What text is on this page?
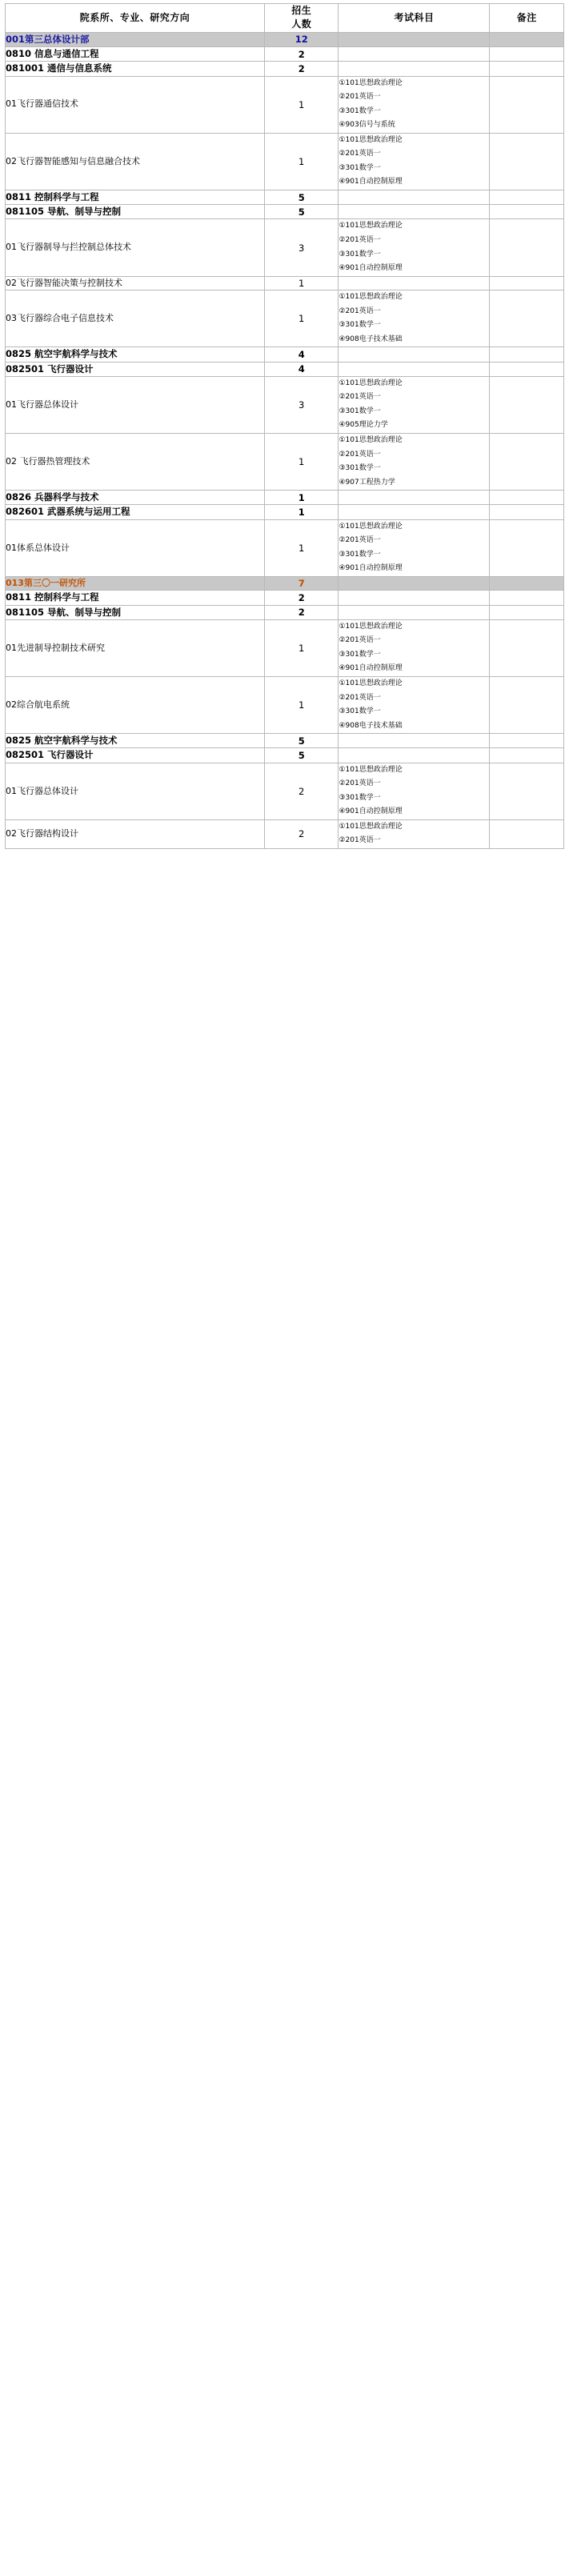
院系所、专业、研究方向	招生
人数	考试科目	备注
001第三总体设计部	12		
0810 信息与通信工程	2		
081001 通信与信息系统	2		
01飞行器通信技术	1	①101思想政治理论
②201英语一
③301数学一
④903信号与系统	

02飞行器智能感知与信息融合技术	1	①101思想政治理论
②201英语一
③301数学一
④901自动控制原理	

0811 控制科学与工程	5		
081105 导航、制导与控制	5		
01飞行器制导与拦控制总体技术	3	①101思想政治理论
②201英语一
③301数学一
④901自动控制原理	

02飞行器智能决策与控制技术	1		
03飞行器综合电子信息技术	1	①101思想政治理论
②201英语一
③301数学一
④908电子技术基础	

0825 航空宇航科学与技术	4		
082501 飞行器设计	4		
01飞行器总体设计	3	①101思想政治理论
②201英语一
③301数学一
④905理论力学	

02 飞行器热管理技术	1	①101思想政治理论
②201英语一
③301数学一
④907工程热力学	

0826 兵器科学与技术	1		
082601 武器系统与运用工程	1		
01体系总体设计	1	①101思想政治理论
②201英语一
③301数学一
④901自动控制原理	

013第三〇一研究所	7		
0811 控制科学与工程	2		
081105 导航、制导与控制	2		
01先进制导控制技术研究	1	①101思想政治理论
②201英语一
③301数学一
④901自动控制原理	

02综合航电系统	1	①101思想政治理论
②201英语一
③301数学一
④908电子技术基础	

0825 航空宇航科学与技术	5		
082501 飞行器设计	5		
01飞行器总体设计	2	①101思想政治理论
②201英语一
③301数学一
④901自动控制原理	

02飞行器结构设计	2	①101思想政治理论
②201英语一	
